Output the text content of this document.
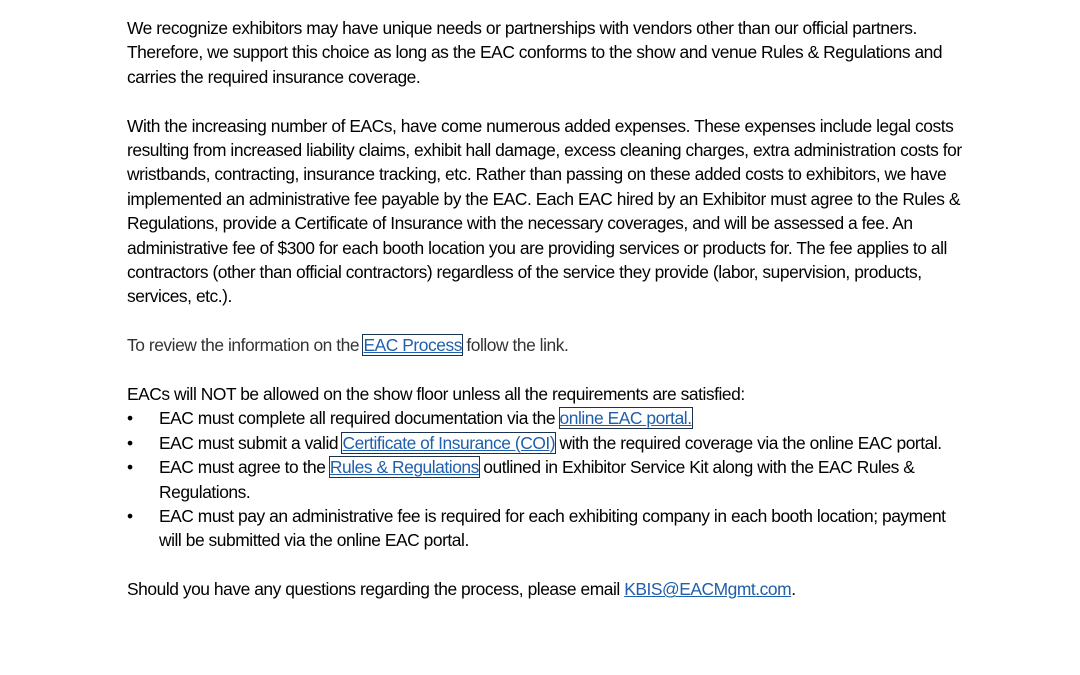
We recognize exhibitors may have unique needs or partnerships with vendors other than our official partners. Therefore, we support this choice as long as the EAC conforms to the show and venue Rules & Regulations and carries the required insurance coverage.

With the increasing number of EACs, have come numerous added expenses. These expenses include legal costs resulting from increased liability claims, exhibit hall damage, excess cleaning charges, extra administration costs for wristbands, contracting, insurance tracking, etc. Rather than passing on these added costs to exhibitors, we have implemented an administrative fee payable by the EAC. Each EAC hired by an Exhibitor must agree to the Rules & Regulations, provide a Certificate of Insurance with the necessary coverages, and will be assessed a fee. An administrative fee of $300 for each booth location you are providing services or products for. The fee applies to all contractors (other than official contractors) regardless of the service they provide (labor, supervision, products, services, etc.).

To review the information on the EAC Process follow the link.

EACs will NOT be allowed on the show floor unless all the requirements are satisfied:

• EAC must complete all required documentation via the online EAC portal.
• EAC must submit a valid Certificate of Insurance (COI) with the required coverage via the online EAC portal.
• EAC must agree to the Rules & Regulations outlined in Exhibitor Service Kit along with the EAC Rules & Regulations.
• EAC must pay an administrative fee is required for each exhibiting company in each booth location; payment will be submitted via the online EAC portal.

Should you have any questions regarding the process, please email KBIS@EACMgmt.com.
